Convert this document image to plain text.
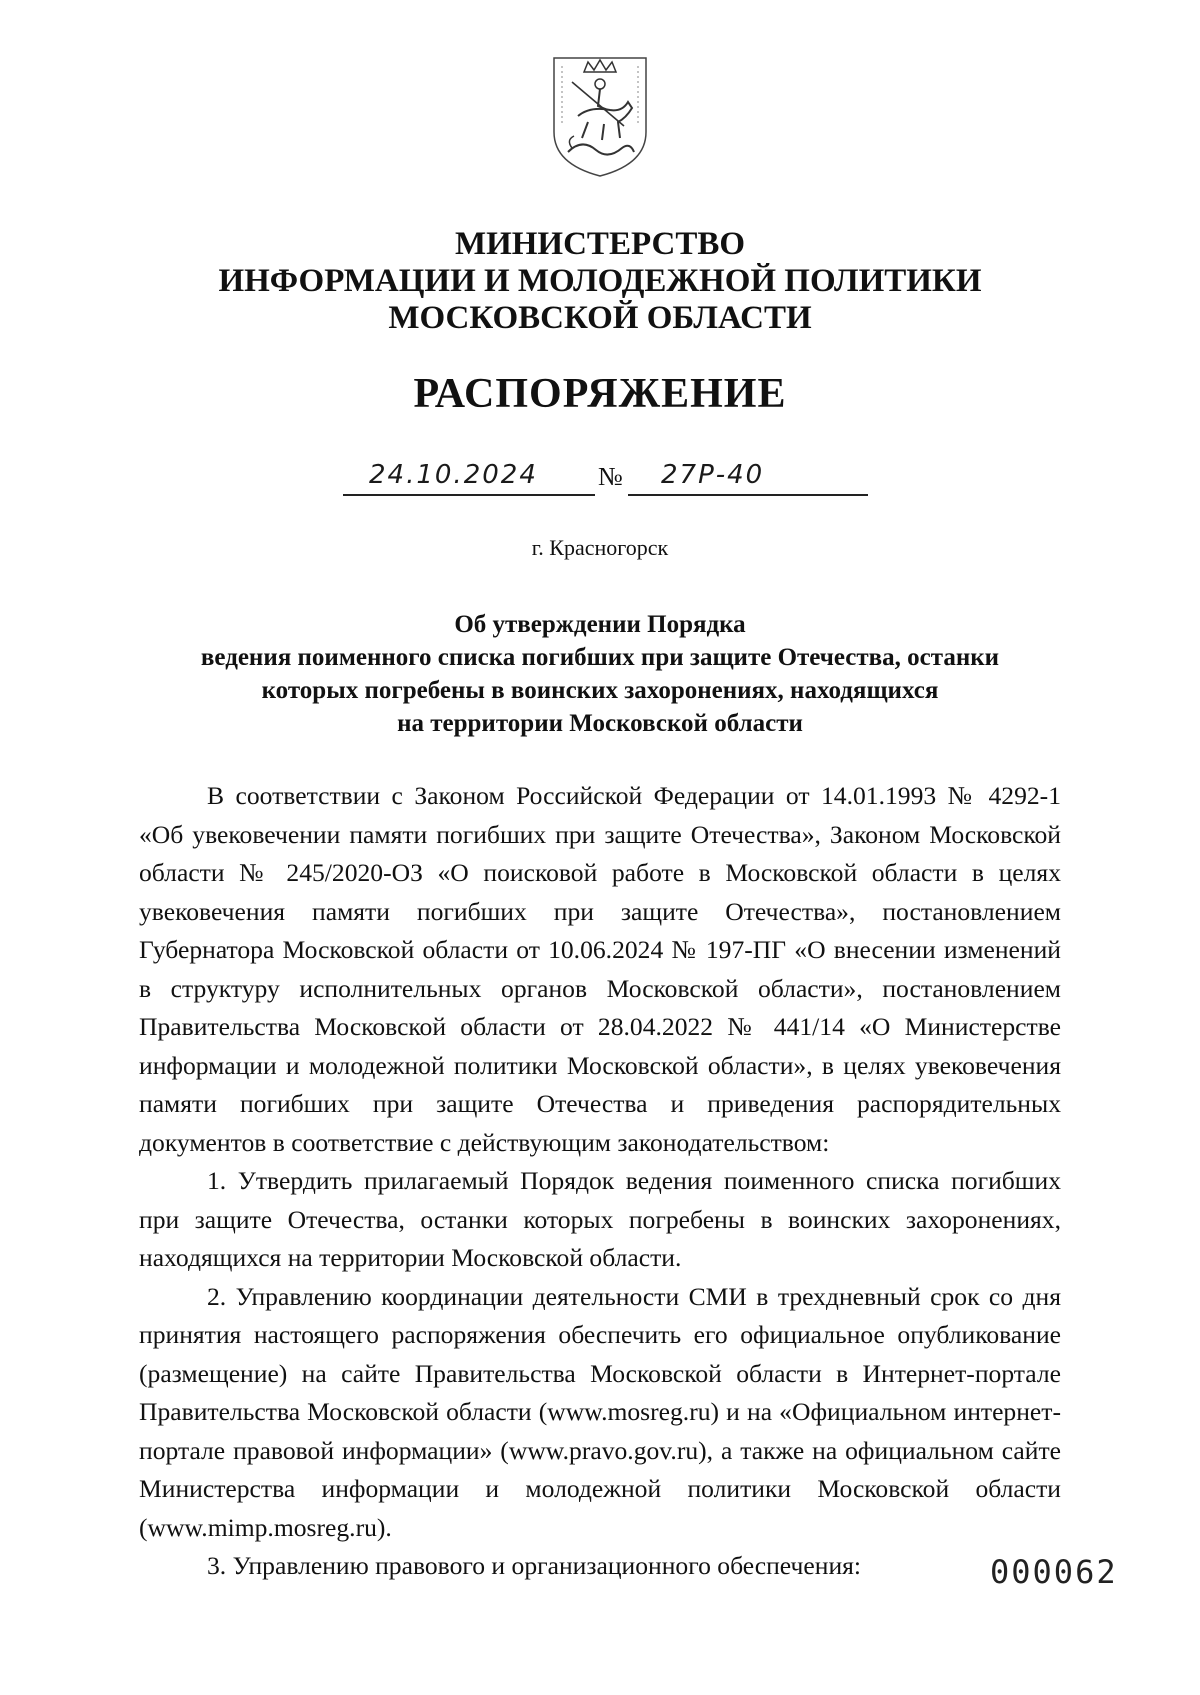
МИНИСТЕРСТВО
ИНФОРМАЦИИ И МОЛОДЕЖНОЙ ПОЛИТИКИ
МОСКОВСКОЙ ОБЛАСТИ
РАСПОРЯЖЕНИЕ
24.10.2024 № 27Р-40
г. Красногорск
Об утверждении Порядка
ведения поименного списка погибших при защите Отечества, останки
которых погребены в воинских захоронениях, находящихся
на территории Московской области

В соответствии с Законом Российской Федерации от 14.01.1993 № 4292-1 «Об увековечении памяти погибших при защите Отечества», Законом Московской области № 245/2020-ОЗ «О поисковой работе в Московской области в целях увековечения памяти погибших при защите Отечества», постановлением Губернатора Московской области от 10.06.2024 № 197-ПГ «О внесении изменений в структуру исполнительных органов Московской области», постановлением Правительства Московской области от 28.04.2022 № 441/14 «О Министерстве информации и молодежной политики Московской области», в целях увековечения памяти погибших при защите Отечества и приведения распорядительных документов в соответствие с действующим законодательством:

1. Утвердить прилагаемый Порядок ведения поименного списка погибших при защите Отечества, останки которых погребены в воинских захоронениях, находящихся на территории Московской области.

2. Управлению координации деятельности СМИ в трехдневный срок со дня принятия настоящего распоряжения обеспечить его официальное опубликование (размещение) на сайте Правительства Московской области в Интернет-портале Правительства Московской области (www.mosreg.ru) и на «Официальном интернет-портале правовой информации» (www.pravo.gov.ru), а также на официальном сайте Министерства информации и молодежной политики Московской области (www.mimp.mosreg.ru).

3. Управлению правового и организационного обеспечения:	000062
